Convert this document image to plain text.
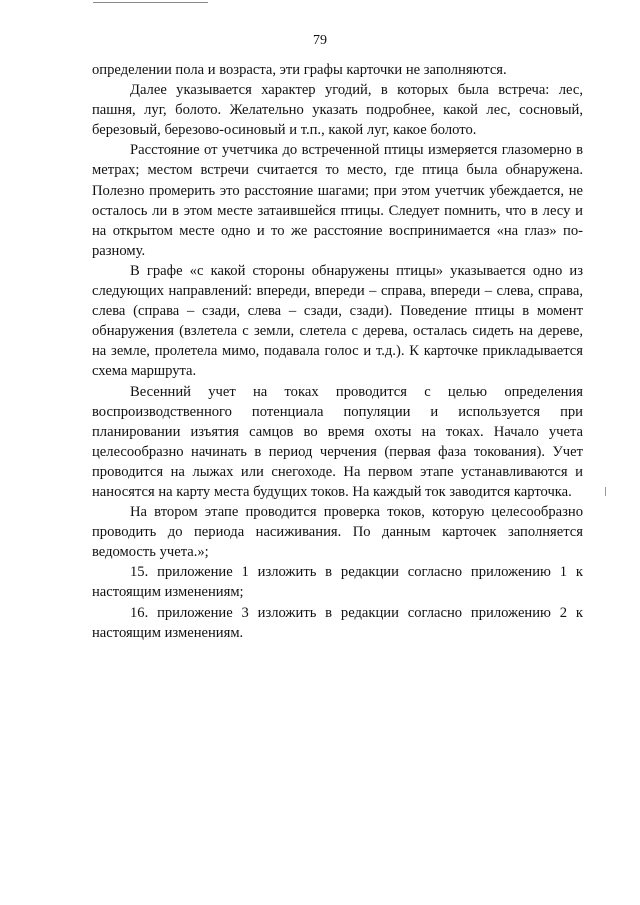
79

определении пола и возраста, эти графы карточки не заполняются.

Далее указывается характер угодий, в которых была встреча: лес, пашня, луг, болото. Желательно указать подробнее, какой лес, сосновый, березовый, березово-осиновый и т.п., какой луг, какое болото.

Расстояние от учетчика до встреченной птицы измеряется глазомерно в метрах; местом встречи считается то место, где птица была обнаружена. Полезно промерить это расстояние шагами; при этом учетчик убеждается, не осталось ли в этом месте затаившейся птицы. Следует помнить, что в лесу и на открытом месте одно и то же расстояние воспринимается «на глаз» по-разному.

В графе «с какой стороны обнаружены птицы» указывается одно из следующих направлений: впереди, впереди – справа, впереди – слева, справа, слева (справа – сзади, слева – сзади, сзади). Поведение птицы в момент обнаружения (взлетела с земли, слетела с дерева, осталась сидеть на дереве, на земле, пролетела мимо, подавала голос и т.д.). К карточке прикладывается схема маршрута.

Весенний учет на токах проводится с целью определения воспроизводственного потенциала популяции и используется при планировании изъятия самцов во время охоты на токах. Начало учета целесообразно начинать в период черчения (первая фаза токования). Учет проводится на лыжах или снегоходе. На первом этапе устанавливаются и наносятся на карту места будущих токов. На каждый ток заводится карточка.

На втором этапе проводится проверка токов, которую целесообразно проводить до периода насиживания. По данным карточек заполняется ведомость учета.»;

15. приложение 1 изложить в редакции согласно приложению 1 к настоящим изменениям;

16. приложение 3 изложить в редакции согласно приложению 2 к настоящим изменениям.
